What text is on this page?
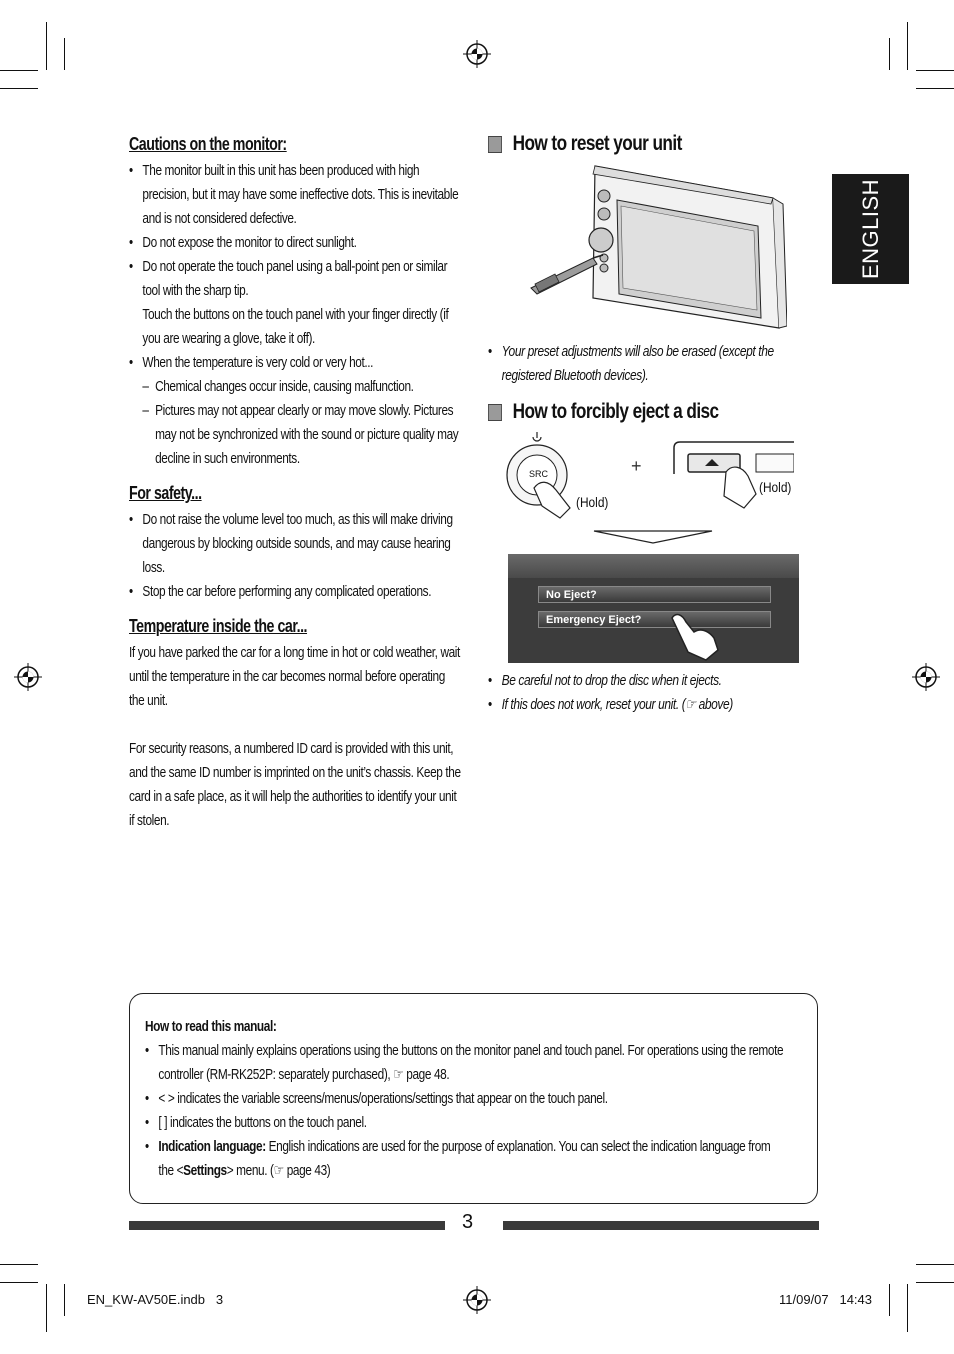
ENGLISH
Cautions on the monitor:
• The monitor built in this unit has been produced with high precision, but it may have some ineffective dots. This is inevitable and is not considered defective.
• Do not expose the monitor to direct sunlight.
• Do not operate the touch panel using a ball-point pen or similar tool with the sharp tip.
Touch the buttons on the touch panel with your finger directly (if you are wearing a glove, take it off).
• When the temperature is very cold or very hot...
– Chemical changes occur inside, causing malfunction.
– Pictures may not appear clearly or may move slowly. Pictures may not be synchronized with the sound or picture quality may decline in such environments.
For safety...
• Do not raise the volume level too much, as this will make driving dangerous by blocking outside sounds, and may cause hearing loss.
• Stop the car before performing any complicated operations.
Temperature inside the car...

If you have parked the car for a long time in hot or cold weather, wait until the temperature in the car becomes normal before operating the unit.

For security reasons, a numbered ID card is provided with this unit, and the same ID number is imprinted on the unit’s chassis. Keep the card in a safe place, as it will help the authorities to identify your unit if stolen.

How to reset your unit
• Your preset adjustments will also be erased (except the registered Bluetooth devices).
How to forcibly eject a disc
SRC
(Hold)
+
(Hold)
No Eject?
Emergency Eject?
• Be careful not to drop the disc when it ejects.
• If this does not work, reset your unit. (☞ above)
How to read this manual:
• This manual mainly explains operations using the buttons on the monitor panel and touch panel. For operations using the remote controller (RM-RK252P: separately purchased), ☞ page 48.
• < > indicates the variable screens/menus/operations/settings that appear on the touch panel.
• [ ] indicates the buttons on the touch panel.
• Indication language: English indications are used for the purpose of explanation. You can select the indication language from the <Settings> menu. (☞ page 43)
3
EN_KW-AV50E.indb   3	11/09/07   14:43
